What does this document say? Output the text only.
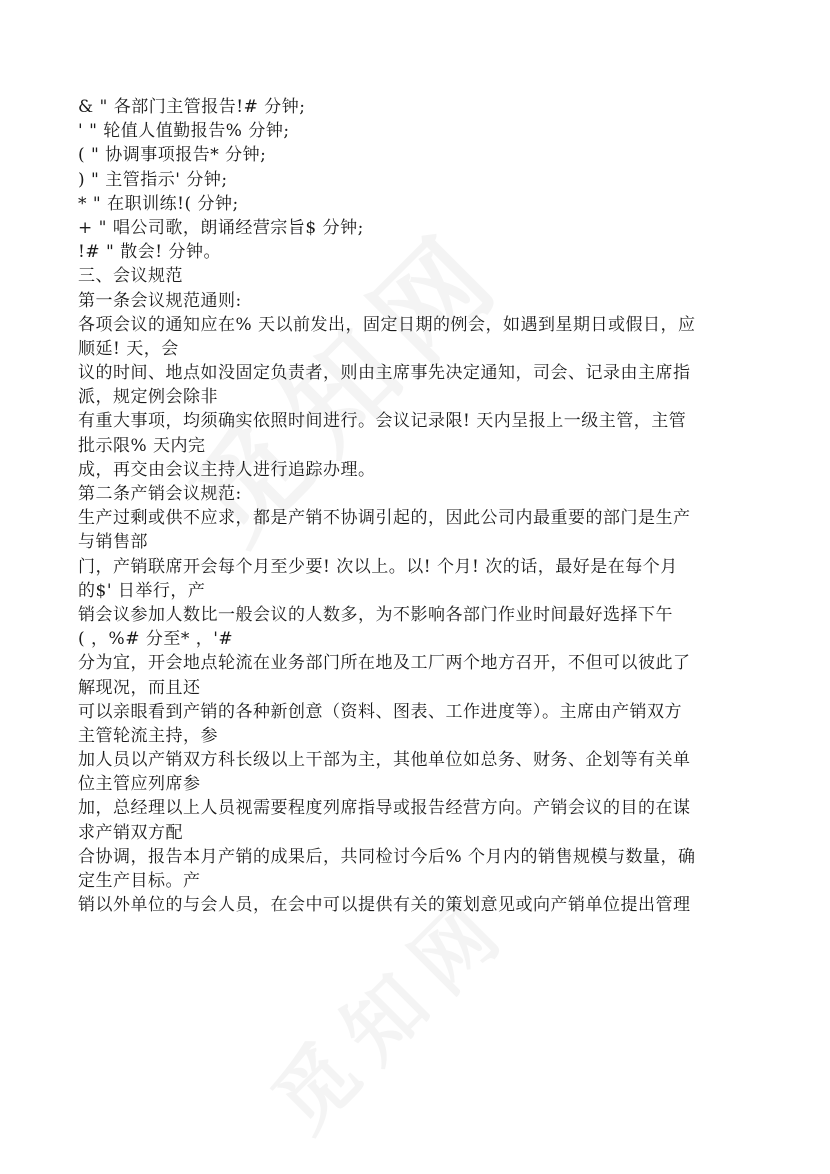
& " 各部门主管报告!# 分钟;
' " 轮值人值勤报告% 分钟;
( " 协调事项报告* 分钟;
) " 主管指示' 分钟;
* " 在职训练!( 分钟;
+ " 唱公司歌，朗诵经营宗旨$ 分钟;
!# " 散会! 分钟。
三、会议规范
第一条会议规范通则:
各项会议的通知应在% 天以前发出，固定日期的例会，如遇到星期日或假日，应
顺延! 天，会
议的时间、地点如没固定负责者，则由主席事先决定通知，司会、记录由主席指
派，规定例会除非
有重大事项，均须确实依照时间进行。会议记录限! 天内呈报上一级主管，主管
批示限% 天内完
成，再交由会议主持人进行追踪办理。
第二条产销会议规范:
生产过剩或供不应求，都是产销不协调引起的，因此公司内最重要的部门是生产
与销售部
门，产销联席开会每个月至少要! 次以上。以! 个月! 次的话，最好是在每个月
的$' 日举行，产
销会议参加人数比一般会议的人数多，为不影响各部门作业时间最好选择下午
( ，%# 分至* ，'#
分为宜，开会地点轮流在业务部门所在地及工厂两个地方召开，不但可以彼此了
解现况，而且还
可以亲眼看到产销的各种新创意（资料、图表、工作进度等）。主席由产销双方
主管轮流主持，参
加人员以产销双方科长级以上干部为主，其他单位如总务、财务、企划等有关单
位主管应列席参
加，总经理以上人员视需要程度列席指导或报告经营方向。产销会议的目的在谋
求产销双方配
合协调，报告本月产销的成果后，共同检讨今后% 个月内的销售规模与数量，确
定生产目标。产
销以外单位的与会人员，在会中可以提供有关的策划意见或向产销单位提出管理
